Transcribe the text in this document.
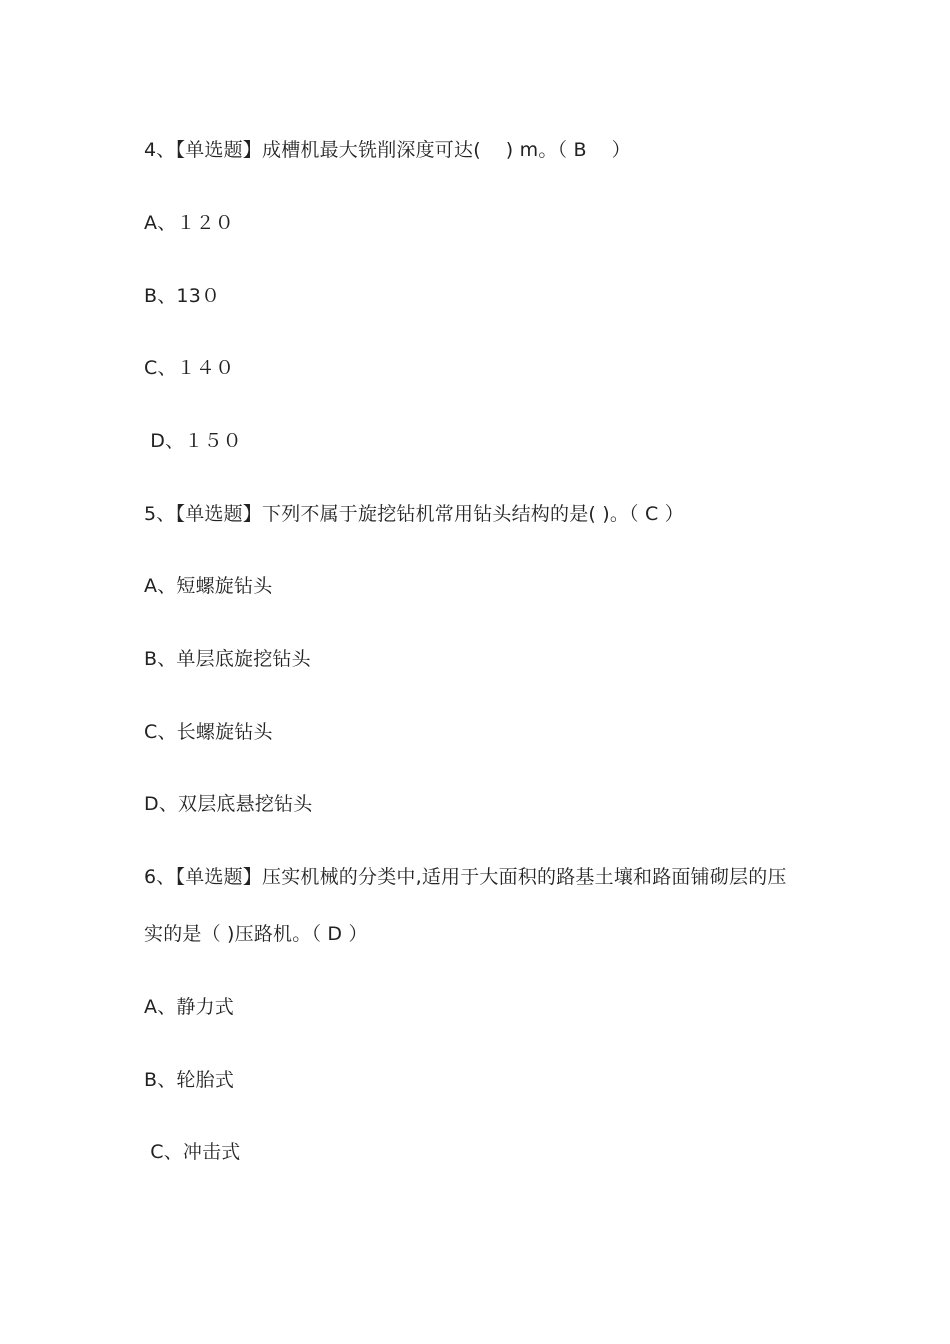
4、【单选题】成槽机最大铣削深度可达(    ) m。（ B    ）
A、１２０
B、13０
C、１４０
D、１５０
5、【单选题】下列不属于旋挖钻机常用钻头结构的是( )。（ C ）
A、短螺旋钻头
B、单层底旋挖钻头
C、长螺旋钻头
D、双层底悬挖钻头
6、【单选题】压实机械的分类中,适用于大面积的路基土壤和路面铺砌层的压
实的是（ )压路机。（ D ）
A、静力式
B、轮胎式
C、冲击式
